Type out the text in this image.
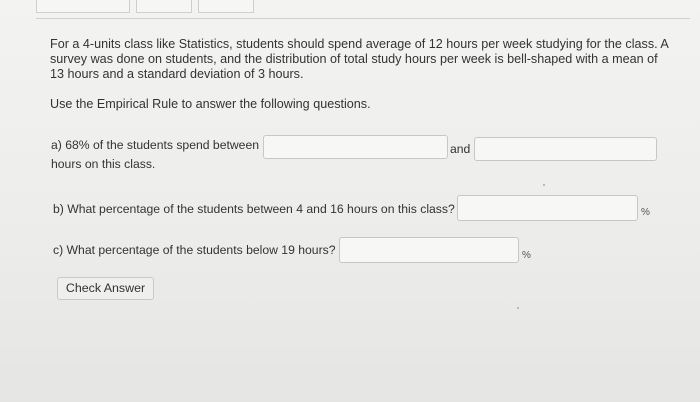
For a 4-units class like Statistics, students should spend average of 12 hours per week studying for the class. A
survey was done on students, and the distribution of total study hours per week is bell-shaped with a mean of
13 hours and a standard deviation of 3 hours.
Use the Empirical Rule to answer the following questions.
a) 68% of the students spend between	and
hours on this class.
b) What percentage of the students between 4 and 16 hours on this class?	%
c) What percentage of the students below 19 hours?	%
Check Answer
